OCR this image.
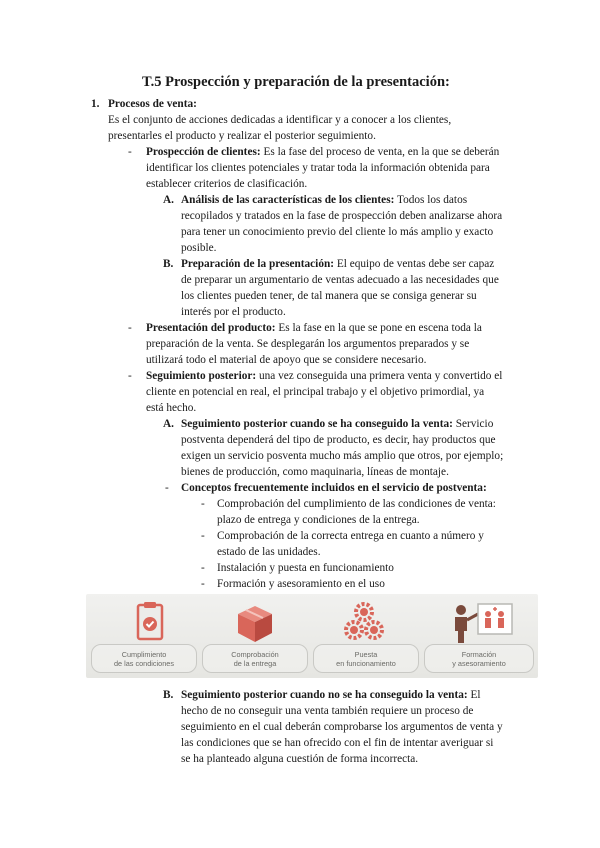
T.5 Prospección y preparación de la presentación:
1. Procesos de venta:
Es el conjunto de acciones dedicadas a identificar y a conocer a los clientes,
presentarles el producto y realizar el posterior seguimiento.
- Prospección de clientes: Es la fase del proceso de venta, en la que se deberán
identificar los clientes potenciales y tratar toda la información obtenida para
establecer criterios de clasificación.
A. Análisis de las características de los clientes: Todos los datos
recopilados y tratados en la fase de prospección deben analizarse ahora
para tener un conocimiento previo del cliente lo más amplio y exacto
posible.
B. Preparación de la presentación: El equipo de ventas debe ser capaz
de preparar un argumentario de ventas adecuado a las necesidades que
los clientes pueden tener, de tal manera que se consiga generar su
interés por el producto.
- Presentación del producto: Es la fase en la que se pone en escena toda la
preparación de la venta. Se desplegarán los argumentos preparados y se
utilizará todo el material de apoyo que se considere necesario.
- Seguimiento posterior: una vez conseguida una primera venta y convertido el
cliente en potencial en real, el principal trabajo y el objetivo primordial, ya
está hecho.
A. Seguimiento posterior cuando se ha conseguido la venta: Servicio
postventa dependerá del tipo de producto, es decir, hay productos que
exigen un servicio posventa mucho más amplio que otros, por ejemplo;
bienes de producción, como maquinaria, líneas de montaje.
- Conceptos frecuentemente incluidos en el servicio de postventa:
- Comprobación del cumplimiento de las condiciones de venta:
plazo de entrega y condiciones de la entrega.
- Comprobación de la correcta entrega en cuanto a número y
estado de las unidades.
- Instalación y puesta en funcionamiento
- Formación y asesoramiento en el uso
Cumplimiento
de las condiciones
Comprobación
de la entrega
Puesta
en funcionamiento
Formación
y asesoramiento
B. Seguimiento posterior cuando no se ha conseguido la venta: El
hecho de no conseguir una venta también requiere un proceso de
seguimiento en el cual deberán comprobarse los argumentos de venta y
las condiciones que se han ofrecido con el fin de intentar averiguar si
se ha planteado alguna cuestión de forma incorrecta.
